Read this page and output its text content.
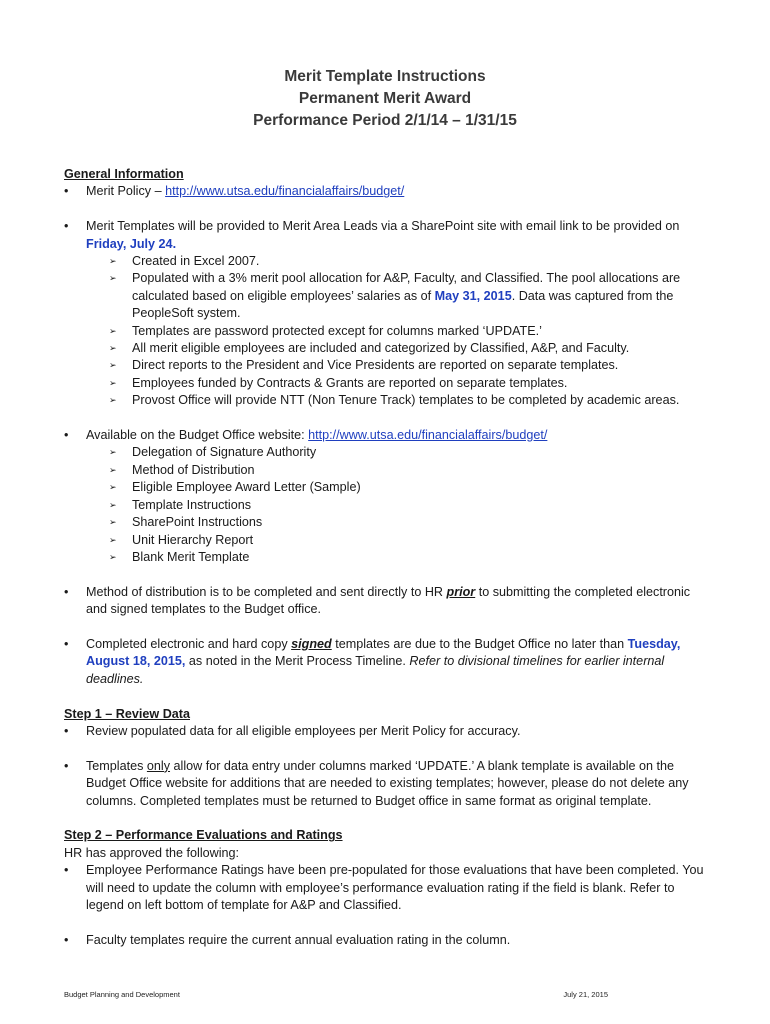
Merit Template Instructions
Permanent Merit Award
Performance Period 2/1/14 – 1/31/15

General Information

• Merit Policy – http://www.utsa.edu/financialaffairs/budget/
• Merit Templates will be provided to Merit Area Leads via a SharePoint site with email link to be provided on Friday, July 24.
➢ Created in Excel 2007.
➢ Populated with a 3% merit pool allocation for A&P, Faculty, and Classified. The pool allocations are calculated based on eligible employees’ salaries as of May 31, 2015. Data was captured from the PeopleSoft system.
➢ Templates are password protected except for columns marked ‘UPDATE.’
➢ All merit eligible employees are included and categorized by Classified, A&P, and Faculty.
➢ Direct reports to the President and Vice Presidents are reported on separate templates.
➢ Employees funded by Contracts & Grants are reported on separate templates.
➢ Provost Office will provide NTT (Non Tenure Track) templates to be completed by academic areas.
• Available on the Budget Office website: http://www.utsa.edu/financialaffairs/budget/
➢ Delegation of Signature Authority
➢ Method of Distribution
➢ Eligible Employee Award Letter (Sample)
➢ Template Instructions
➢ SharePoint Instructions
➢ Unit Hierarchy Report
➢ Blank Merit Template
• Method of distribution is to be completed and sent directly to HR prior to submitting the completed electronic and signed templates to the Budget office.
• Completed electronic and hard copy signed templates are due to the Budget Office no later than Tuesday, August 18, 2015, as noted in the Merit Process Timeline. Refer to divisional timelines for earlier internal deadlines.

Step 1 – Review Data

• Review populated data for all eligible employees per Merit Policy for accuracy.
• Templates only allow for data entry under columns marked ‘UPDATE.’ A blank template is available on the Budget Office website for additions that are needed to existing templates; however, please do not delete any columns. Completed templates must be returned to Budget office in same format as original template.

Step 2 – Performance Evaluations and Ratings

HR has approved the following:

• Employee Performance Ratings have been pre-populated for those evaluations that have been completed. You will need to update the column with employee’s performance evaluation rating if the field is blank. Refer to legend on left bottom of template for A&P and Classified.
• Faculty templates require the current annual evaluation rating in the column.
Budget Planning and Development	July 21, 2015
